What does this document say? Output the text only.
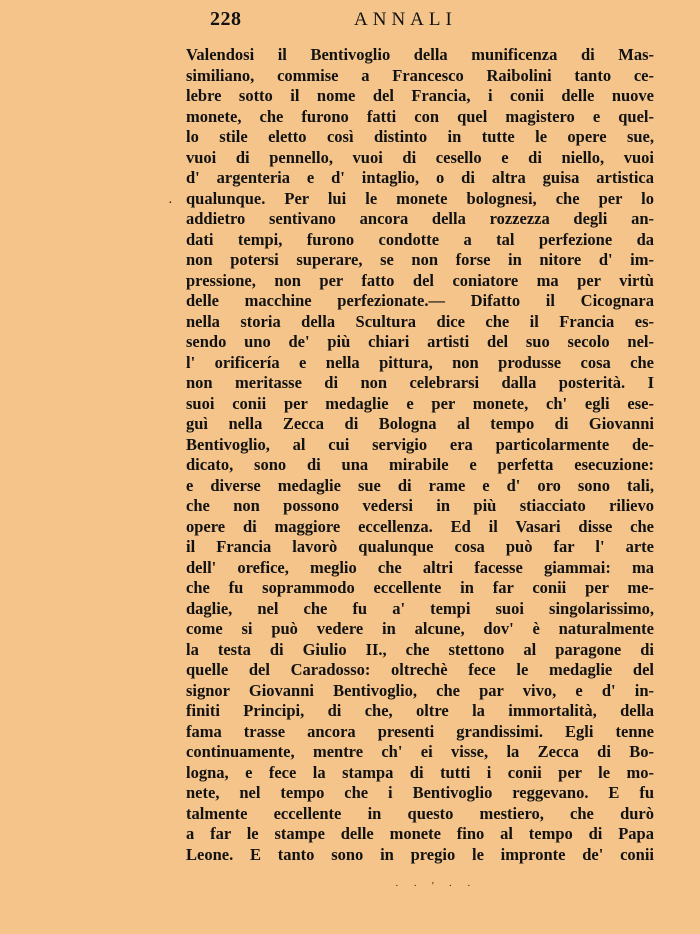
228	ANNALI
·
Valendosi il Bentivoglio della munificenza di Mas-
similiano, commise a Francesco Raibolini tanto ce-
lebre sotto il nome del Francia, i conii delle nuove
monete, che furono fatti con quel magistero e quel-
lo stile eletto così distinto in tutte le opere sue,
vuoi di pennello, vuoi di cesello e di niello, vuoi
d' argenteria e d' intaglio, o di altra guisa artistica
qualunque. Per lui le monete bolognesi, che per lo
addietro sentivano ancora della rozzezza degli an-
dati tempi, furono condotte a tal perfezione da
non potersi superare, se non forse in nitore d' im-
pressione, non per fatto del coniatore ma per virtù
delle macchine perfezionate.— Difatto il Cicognara
nella storia della Scultura dice che il Francia es-
sendo uno de' più chiari artisti del suo secolo nel-
l' orificería e nella pittura, non produsse cosa che
non meritasse di non celebrarsi dalla posterità. I
suoi conii per medaglie e per monete, ch' egli ese-
guì nella Zecca di Bologna al tempo di Giovanni
Bentivoglio, al cui servigio era particolarmente de-
dicato, sono di una mirabile e perfetta esecuzione:
e diverse medaglie sue di rame e d' oro sono tali,
che non possono vedersi in più stiacciato rilievo
opere di maggiore eccellenza. Ed il Vasari disse che
il Francia lavorò qualunque cosa può far l' arte
dell' orefice, meglio che altri facesse giammai: ma
che fu soprammodo eccellente in far conii per me-
daglie, nel che fu a' tempi suoi singolarissimo,
come si può vedere in alcune, dov' è naturalmente
la testa di Giulio II., che stettono al paragone di
quelle del Caradosso: oltrechè fece le medaglie del
signor Giovanni Bentivoglio, che par vivo, e d' in-
finiti Principi, di che, oltre la immortalità, della
fama trasse ancora presenti grandissimi. Egli tenne
continuamente, mentre ch' ei visse, la Zecca di Bo-
logna, e fece la stampa di tutti i conii per le mo-
nete, nel tempo che i Bentivoglio reggevano. E fu
talmente eccellente in questo mestiero, che durò
a far le stampe delle monete fino al tempo di Papa
Leone. E tanto sono in pregio le impronte de' conii
· · ' · ·
